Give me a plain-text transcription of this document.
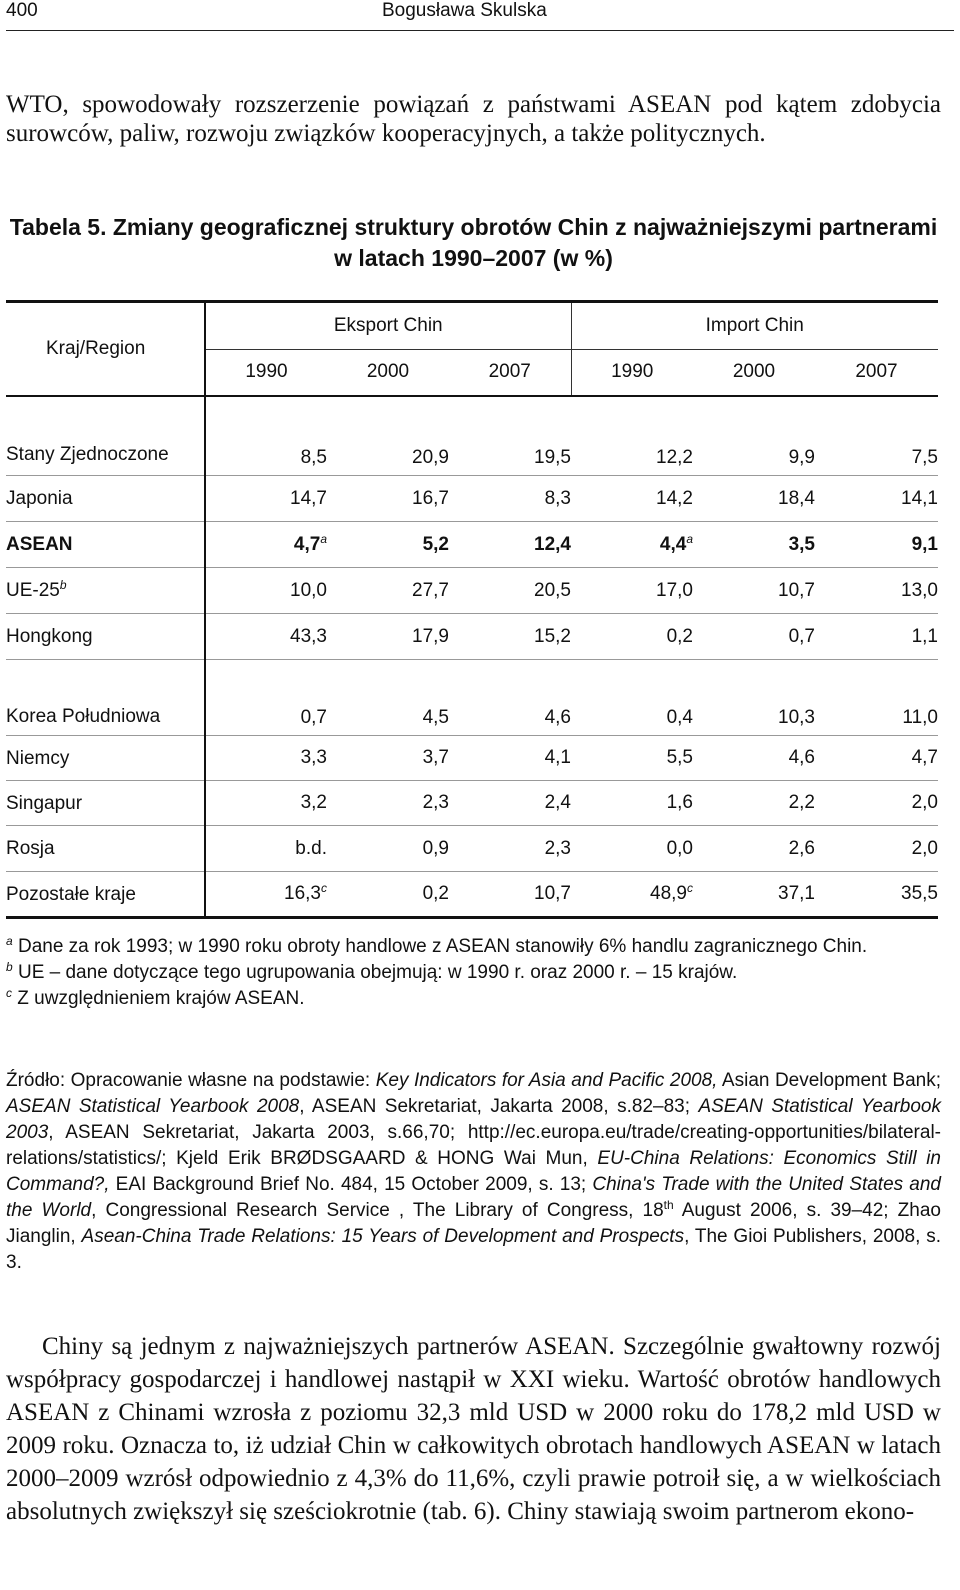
400	Bogusława Skulska
WTO, spowodowały rozszerzenie powiązań z państwami ASEAN pod kątem zdobycia surowców, paliw, rozwoju związków kooperacyjnych, a także politycznych.
Tabela 5. Zmiany geograficznej struktury obrotów Chin z najważniejszymi partnerami w latach 1990–2007 (w %)
Kraj/Region	Eksport Chin			Import Chin		
	1990	2000	2007	1990	2000	2007
Stany Zjednoczone	8,5	20,9	19,5	12,2	9,9	7,5
Japonia	14,7	16,7	8,3	14,2	18,4	14,1
ASEAN	4,7$^a$	5,2	12,4	4,4$^a$	3,5	9,1
UE-25$^b$	10,0	27,7	20,5	17,0	10,7	13,0
Hongkong	43,3	17,9	15,2	0,2	0,7	1,1
Korea Południowa	0,7	4,5	4,6	0,4	10,3	11,0
Niemcy	3,3	3,7	4,1	5,5	4,6	4,7
Singapur	3,2	2,3	2,4	1,6	2,2	2,0
Rosja	b.d.	0,9	2,3	0,0	2,6	2,0
Pozostałe kraje	16,3$^c$	0,2	10,7	48,9$^c$	37,1	35,5

$^a$ Dane za rok 1993; w 1990 roku obroty handlowe z ASEAN stanowiły 6% handlu zagranicznego Chin.

$^b$ UE – dane dotyczące tego ugrupowania obejmują: w 1990 r. oraz 2000 r. – 15 krajów.

$^c$ Z uwzględnieniem krajów ASEAN.

Źródło: Opracowanie własne na podstawie: Key Indicators for Asia and Pacific 2008, Asian Development Bank; ASEAN Statistical Yearbook 2008, ASEAN Sekretariat, Jakarta 2008, s.82–83; ASEAN Statistical Yearbook 2003, ASEAN Sekretariat, Jakarta 2003, s.66,70; http://ec.europa.eu/trade/creating-opportunities/bilateral-relations/statistics/; Kjeld Erik BRØDSGAARD & HONG Wai Mun, EU-China Relations: Economics Still in Command?, EAI Background Brief No. 484, 15 October 2009, s. 13; China's Trade with the United States and the World, Congressional Research Service , The Library of Congress, 18th August 2006, s. 39–42; Zhao Jianglin, Asean-China Trade Relations: 15 Years of Development and Prospects, The Gioi Publishers, 2008, s. 3.

Chiny są jednym z najważniejszych partnerów ASEAN. Szczególnie gwałtowny rozwój współpracy gospodarczej i handlowej nastąpił w XXI wieku. Wartość obrotów handlowych ASEAN z Chinami wzrosła z poziomu 32,3 mld USD w 2000 roku do 178,2 mld USD w 2009 roku. Oznacza to, iż udział Chin w całkowitych obrotach handlowych ASEAN w latach 2000–2009 wzrósł odpowiednio z 4,3% do 11,6%, czyli prawie potroił się, a w wielkościach absolutnych zwiększył się sześciokrotnie (tab. 6). Chiny stawiają swoim partnerom ekono-
